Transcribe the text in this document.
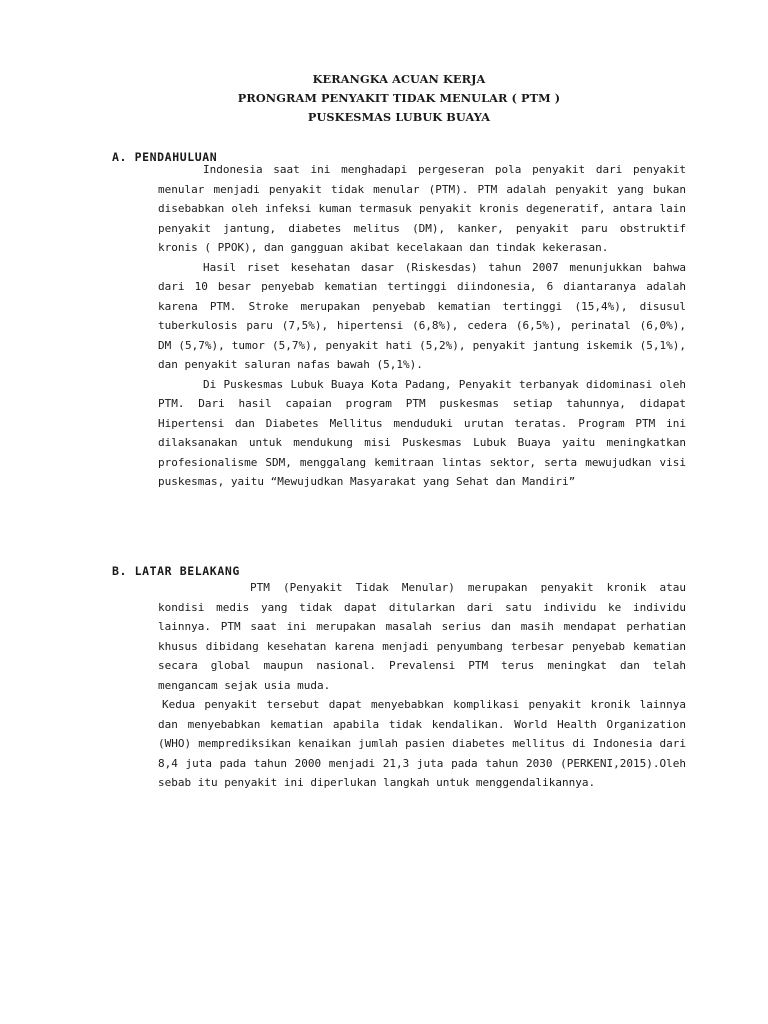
KERANGKA ACUAN KERJA
PRONGRAM PENYAKIT TIDAK MENULAR ( PTM )
PUSKESMAS LUBUK BUAYA
A. PENDAHULUAN

Indonesia saat ini menghadapi pergeseran pola penyakit dari penyakit menular menjadi penyakit tidak menular (PTM). PTM adalah penyakit yang bukan disebabkan oleh infeksi kuman termasuk penyakit kronis degeneratif, antara lain penyakit jantung, diabetes melitus (DM), kanker, penyakit paru obstruktif kronis ( PPOK), dan gangguan akibat kecelakaan dan tindak kekerasan.

Hasil riset kesehatan dasar (Riskesdas) tahun 2007 menunjukkan bahwa dari 10 besar penyebab kematian tertinggi diindonesia, 6 diantaranya adalah karena PTM. Stroke merupakan penyebab kematian tertinggi (15,4%), disusul tuberkulosis paru (7,5%), hipertensi (6,8%), cedera (6,5%), perinatal (6,0%), DM (5,7%), tumor (5,7%), penyakit hati (5,2%), penyakit jantung iskemik (5,1%), dan penyakit saluran nafas bawah (5,1%).

Di Puskesmas Lubuk Buaya Kota Padang, Penyakit terbanyak didominasi oleh PTM. Dari hasil capaian program PTM puskesmas setiap tahunnya, didapat Hipertensi dan Diabetes Mellitus menduduki urutan teratas. Program PTM ini dilaksanakan untuk mendukung misi Puskesmas Lubuk Buaya yaitu meningkatkan profesionalisme SDM, menggalang kemitraan lintas sektor, serta mewujudkan visi puskesmas, yaitu “Mewujudkan Masyarakat yang Sehat dan Mandiri”

B. LATAR BELAKANG

PTM (Penyakit Tidak Menular) merupakan penyakit kronik atau kondisi medis yang tidak dapat ditularkan dari satu individu ke individu lainnya. PTM saat ini merupakan masalah serius dan masih mendapat perhatian khusus dibidang kesehatan karena menjadi penyumbang terbesar penyebab kematian secara global maupun nasional. Prevalensi PTM terus meningkat dan telah mengancam sejak usia muda.

Kedua penyakit tersebut dapat menyebabkan komplikasi penyakit kronik lainnya dan menyebabkan kematian apabila tidak kendalikan. World Health Organization (WHO) memprediksikan kenaikan jumlah pasien diabetes mellitus di Indonesia dari 8,4 juta pada tahun 2000 menjadi 21,3 juta pada tahun 2030 (PERKENI,2015).Oleh sebab itu penyakit ini diperlukan langkah untuk menggendalikannya.
